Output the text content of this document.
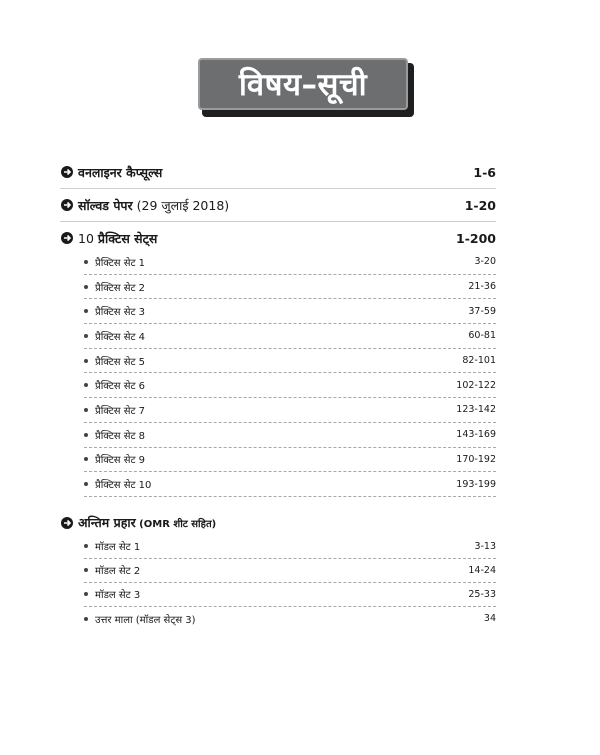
विषय–सूची
वनलाइनर कैप्सूल्स	1-6
सॉल्वड पेपर (29 जुलाई 2018)	1-20
10 प्रैक्टिस सेट्स	1-200
प्रैक्टिस सेट 1	3-20
प्रैक्टिस सेट 2	21-36
प्रैक्टिस सेट 3	37-59
प्रैक्टिस सेट 4	60-81
प्रैक्टिस सेट 5	82-101
प्रैक्टिस सेट 6	102-122
प्रैक्टिस सेट 7	123-142
प्रैक्टिस सेट 8	143-169
प्रैक्टिस सेट 9	170-192
प्रैक्टिस सेट 10	193-199
अन्तिम प्रहार (OMR शीट सहित)
मॉडल सेट 1	3-13
मॉडल सेट 2	14-24
मॉडल सेट 3	25-33
उत्तर माला (मॉडल सेट्स 3)	34
